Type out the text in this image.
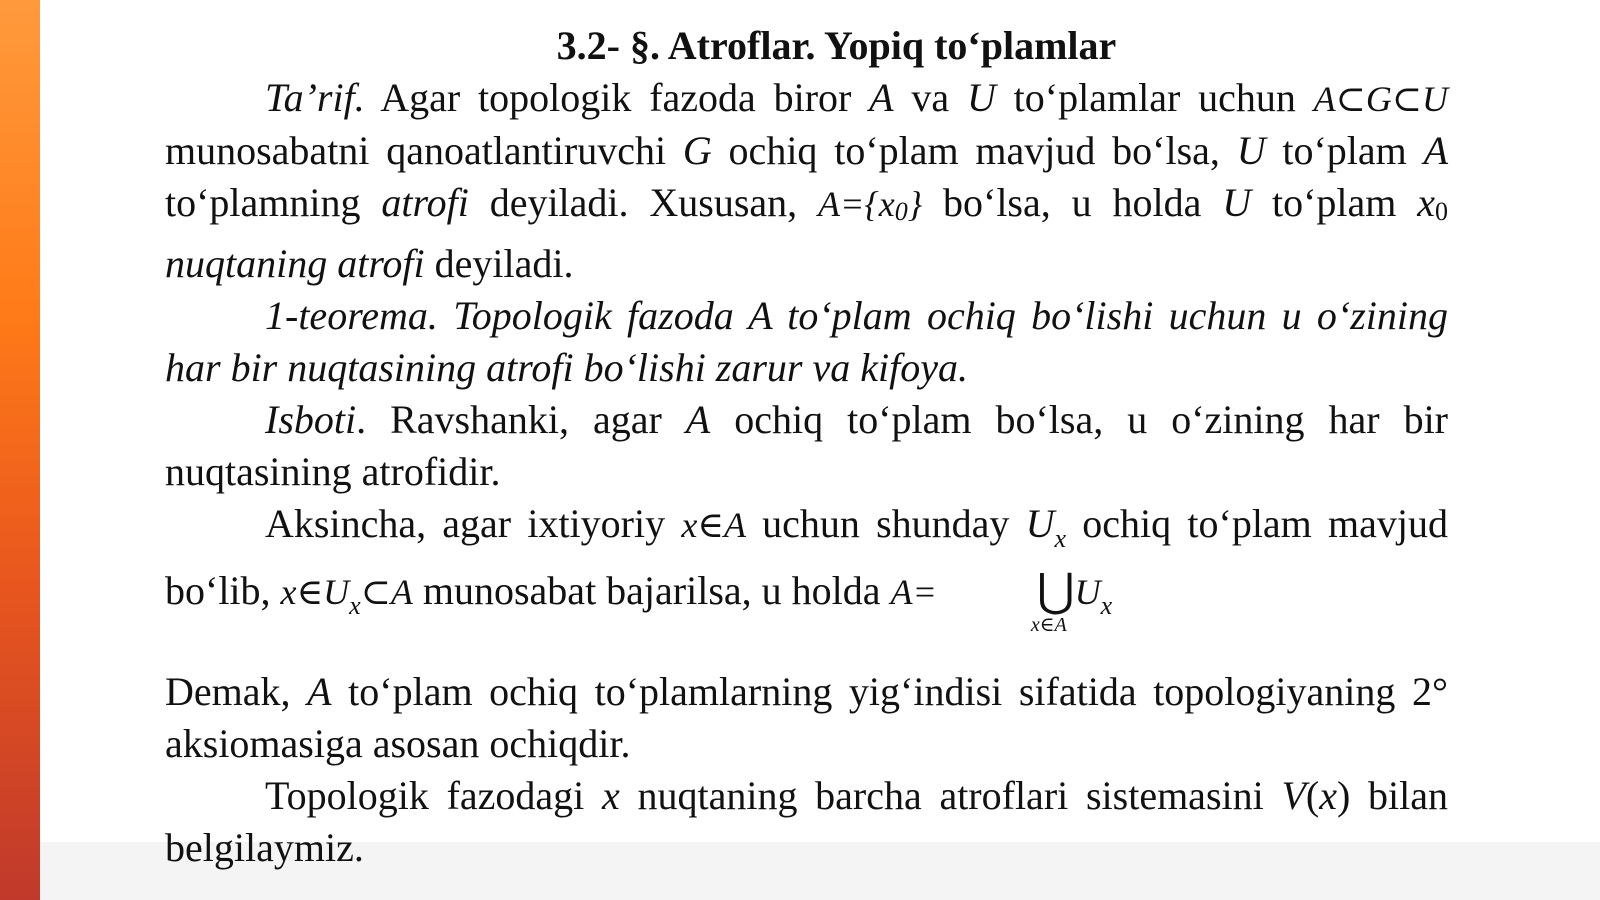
3.2- §. Atroflar. Yopiq to‘plamlar

Ta’rif. Agar topologik fazoda biror A va U to‘plamlar uchun A⊂G⊂U munosabatni qanoatlantiruvchi G ochiq to‘plam mavjud bo‘lsa, U to‘plam A to‘plamning atrofi deyiladi. Xususan, A={x0} bo‘lsa, u holda U to‘plam x0 nuqtaning atrofi deyiladi.

1-teorema. Topologik fazoda A to‘plam ochiq bo‘lishi uchun u o‘zining har bir nuqtasining atrofi bo‘lishi zarur va kifoya.

Isboti. Ravshanki, agar A ochiq to‘plam bo‘lsa, u o‘zining har bir nuqtasining atrofidir.

Aksincha, agar ixtiyoriy x∈A uchun shunday $U_x$ ochiq to‘plam mavjud bo‘lib, $x\in U_x\subset A$ munosabat bajarilsa, u holda A= ⋃
x∈A
$U_x$

Demak, A to‘plam ochiq to‘plamlarning yig‘indisi sifatida topologiyaning 2° aksiomasiga asosan ochiqdir.

Topologik fazodagi x nuqtaning barcha atroflari sistemasini V(x) bilan belgilaymiz.
